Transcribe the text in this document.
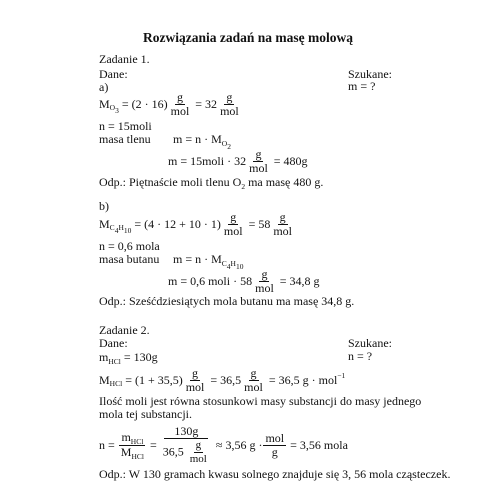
Rozwiązania zadań na masę molową
Zadanie 1.
Dane:	Szukane:
m = ?
a)
M $O3 = (2 \cdot 16) \frac{g}{\text{mol}} = 32 \frac{g}{\text{mol}}$
n = 15moli
masa tlenu $m = n \cdot M_{O2}$
m = 15moli · $32 \frac{g}{\text{mol}} = 480g$
Odp.: Piętnaście moli tlenu $O_2$ ma masę 480 g.
b)
M $C4H10 = (4 \cdot 12 + 10 \cdot 1) \frac{g}{\text{mol}} = 58 \frac{g}{\text{mol}}$
n = 0,6 mola
masa butanu $m = n \cdot M_{C4H10}$
m = 0,6 moli · $58 \frac{g}{\text{mol}} = 34,8$ g
Odp.: Sześćdziesiątych mola butanu ma masę 34,8 g.
Zadanie 2.
Dane:	Szukane:
n = ?
$m_{HCl} = 130g$
M HCl = $(1 + 35,5) \frac{g}{\text{mol}} = 36,5 \frac{g}{\text{mol}} = 36,5$ g · mol −1
Ilość moli jest równa stosunkowi masy substancji do masy jednego
mola tej substancji.
$n = \frac{m_{HCl}}{M_{HCl}} = \frac{130g}{36,5 \frac{g}{\text{mol}}} \approx 3,56$ $g \cdot \frac{\text{mol}}{g} = 3,56$ mola
Odp.: W 130 gramach kwasu solnego znajduje się 3, 56 mola cząsteczek.
